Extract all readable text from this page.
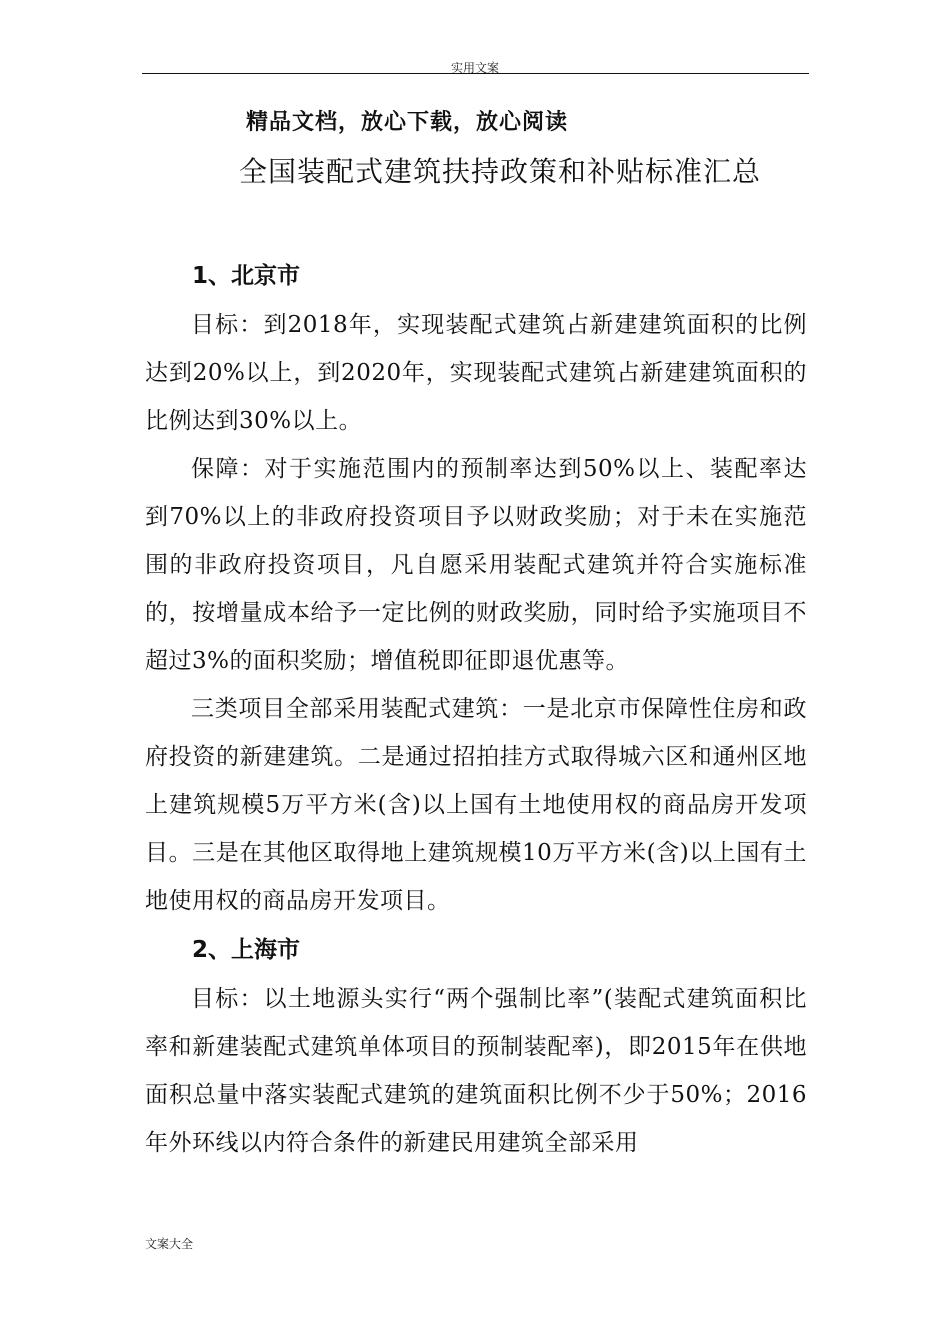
实用文案
精品文档，放心下载，放心阅读
全国装配式建筑扶持政策和补贴标准汇总
1、北京市

目标：到2018年，实现装配式建筑占新建建筑面积的比例达到20%以上，到2020年，实现装配式建筑占新建建筑面积的比例达到30%以上。

保障：对于实施范围内的预制率达到50%以上、装配率达到70%以上的非政府投资项目予以财政奖励；对于未在实施范围的非政府投资项目，凡自愿采用装配式建筑并符合实施标准的，按增量成本给予一定比例的财政奖励，同时给予实施项目不超过3%的面积奖励；增值税即征即退优惠等。

三类项目全部采用装配式建筑：一是北京市保障性住房和政府投资的新建建筑。二是通过招拍挂方式取得城六区和通州区地上建筑规模5万平方米(含)以上国有土地使用权的商品房开发项目。三是在其他区取得地上建筑规模10万平方米(含)以上国有土地使用权的商品房开发项目。

2、上海市

目标：以土地源头实行“两个强制比率”(装配式建筑面积比率和新建装配式建筑单体项目的预制装配率)，即2015年在供地面积总量中落实装配式建筑的建筑面积比例不少于50%；2016年外环线以内符合条件的新建民用建筑全部采用

文案大全
